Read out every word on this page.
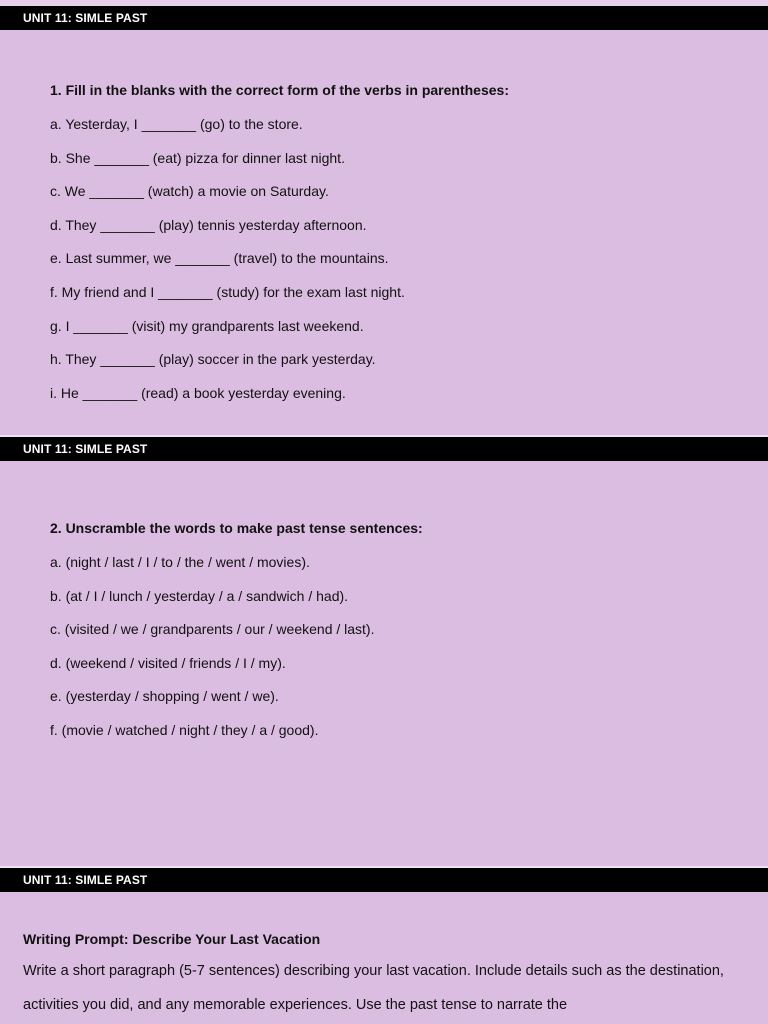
UNIT 11: SIMLE PAST

1. Fill in the blanks with the correct form of the verbs in parentheses:

a. Yesterday, I _______ (go) to the store.
b. She _______ (eat) pizza for dinner last night.
c. We _______ (watch) a movie on Saturday.
d. They _______ (play) tennis yesterday afternoon.
e. Last summer, we _______ (travel) to the mountains.
f. My friend and I _______ (study) for the exam last night.
g. I _______ (visit) my grandparents last weekend.
h. They _______ (play) soccer in the park yesterday.
i. He _______ (read) a book yesterday evening.
UNIT 11: SIMLE PAST

2. Unscramble the words to make past tense sentences:

a. (night / last / I / to / the / went / movies).
b. (at / I / lunch / yesterday / a / sandwich / had).
c. (visited / we / grandparents / our / weekend / last).
d. (weekend / visited / friends / I / my).
e. (yesterday / shopping / went / we).
f. (movie / watched / night / they / a / good).
UNIT 11: SIMLE PAST

Writing Prompt: Describe Your Last Vacation

Write a short paragraph (5-7 sentences) describing your last vacation. Include details such as the destination, activities you did, and any memorable experiences. Use the past tense to narrate the
